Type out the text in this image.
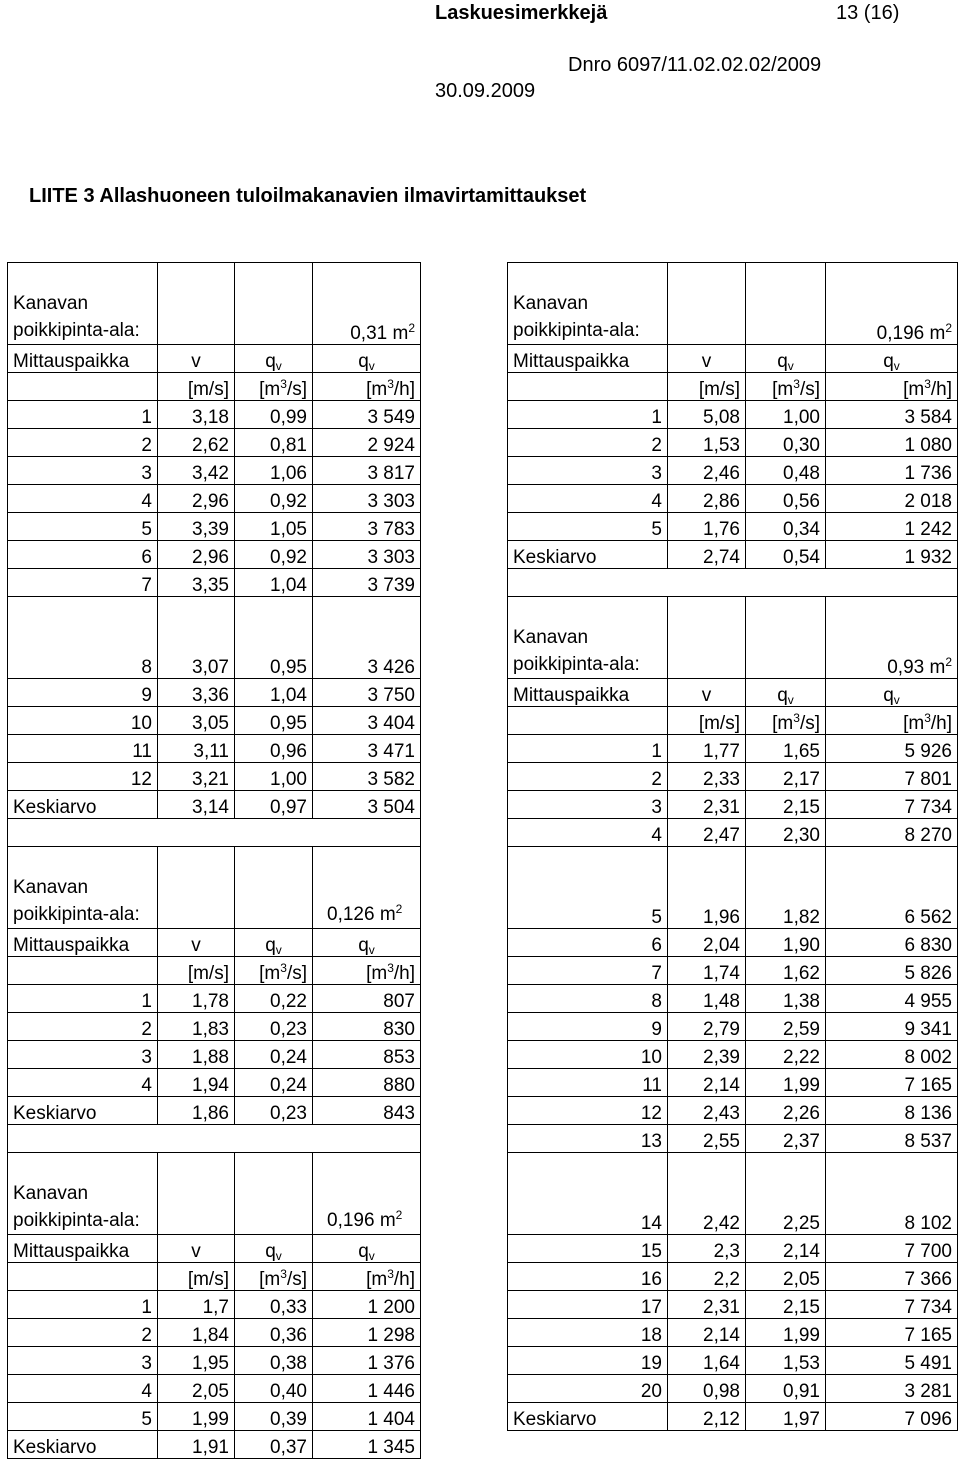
Laskuesimerkkejä	13 (16)
Dnro 6097/11.02.02.02/2009
30.09.2009
LIITE 3 Allashuoneen tuloilmakanavien ilmavirtamittaukset
Kanavan poikkipinta-ala:			0,31 $m^2$
Mittauspaikka	v	$q_v$	$q_v$
	[m/s]	$[m^3/s]$	$[m^3/h]$
1	3,18	0,99	3 549
2	2,62	0,81	2 924
3	3,42	1,06	3 817
4	2,96	0,92	3 303
5	3,39	1,05	3 783
6	2,96	0,92	3 303
7	3,35	1,04	3 739
8	3,07	0,95	3 426
9	3,36	1,04	3 750
10	3,05	0,95	3 404
11	3,11	0,96	3 471
12	3,21	1,00	3 582
Keskiarvo	3,14	0,97	3 504

Kanavan poikkipinta-ala:			0,126 $m^2$
Mittauspaikka	v	$q_v$	$q_v$
	[m/s]	$[m^3/s]$	$[m^3/h]$
1	1,78	0,22	807
2	1,83	0,23	830
3	1,88	0,24	853
4	1,94	0,24	880
Keskiarvo	1,86	0,23	843

Kanavan poikkipinta-ala:			0,196 $m^2$
Mittauspaikka	v	$q_v$	$q_v$
	[m/s]	$[m^3/s]$	$[m^3/h]$
1	1,7	0,33	1 200
2	1,84	0,36	1 298
3	1,95	0,38	1 376
4	2,05	0,40	1 446
5	1,99	0,39	1 404
Keskiarvo	1,91	0,37	1 345
Kanavan poikkipinta-ala:			0,196 $m^2$
Mittauspaikka	v	$q_v$	$q_v$
	[m/s]	$[m^3/s]$	$[m^3/h]$
1	5,08	1,00	3 584
2	1,53	0,30	1 080
3	2,46	0,48	1 736
4	2,86	0,56	2 018
5	1,76	0,34	1 242
Keskiarvo	2,74	0,54	1 932

Kanavan poikkipinta-ala:			0,93 $m^2$
Mittauspaikka	v	$q_v$	$q_v$
	[m/s]	$[m^3/s]$	$[m^3/h]$
1	1,77	1,65	5 926
2	2,33	2,17	7 801
3	2,31	2,15	7 734
4	2,47	2,30	8 270
5	1,96	1,82	6 562
6	2,04	1,90	6 830
7	1,74	1,62	5 826
8	1,48	1,38	4 955
9	2,79	2,59	9 341
10	2,39	2,22	8 002
11	2,14	1,99	7 165
12	2,43	2,26	8 136
13	2,55	2,37	8 537
14	2,42	2,25	8 102
15	2,3	2,14	7 700
16	2,2	2,05	7 366
17	2,31	2,15	7 734
18	2,14	1,99	7 165
19	1,64	1,53	5 491
20	0,98	0,91	3 281
Keskiarvo	2,12	1,97	7 096
